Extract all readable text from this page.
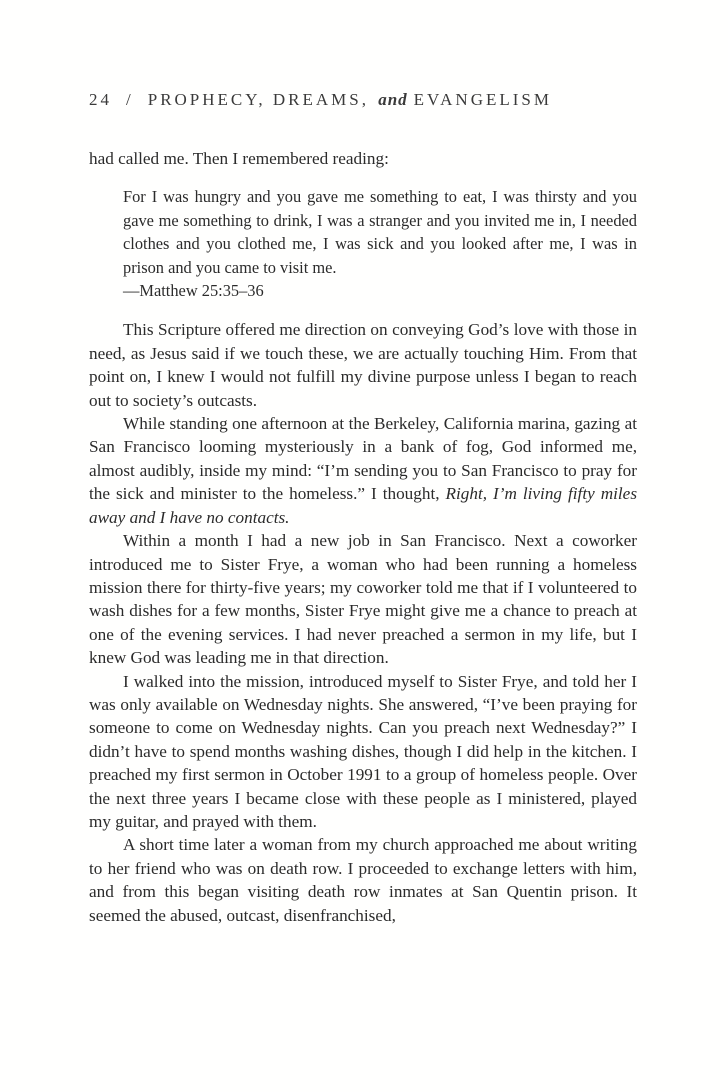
24 / PROPHECY, DREAMS, and EVANGELISM

had called me. Then I remembered reading:

For I was hungry and you gave me something to eat, I was thirsty and you gave me something to drink, I was a stranger and you invited me in, I needed clothes and you clothed me, I was sick and you looked after me, I was in prison and you came to visit me.
—Matthew 25:35–36

This Scripture offered me direction on conveying God’s love with those in need, as Jesus said if we touch these, we are actually touching Him. From that point on, I knew I would not fulfill my divine purpose unless I began to reach out to society’s outcasts.

While standing one afternoon at the Berkeley, California marina, gazing at San Francisco looming mysteriously in a bank of fog, God informed me, almost audibly, inside my mind: “I’m sending you to San Francisco to pray for the sick and minister to the homeless.” I thought, Right, I’m living fifty miles away and I have no contacts.

Within a month I had a new job in San Francisco. Next a coworker introduced me to Sister Frye, a woman who had been running a homeless mission there for thirty-five years; my coworker told me that if I volunteered to wash dishes for a few months, Sister Frye might give me a chance to preach at one of the evening services. I had never preached a sermon in my life, but I knew God was leading me in that direction.

I walked into the mission, introduced myself to Sister Frye, and told her I was only available on Wednesday nights. She answered, “I’ve been praying for someone to come on Wednesday nights. Can you preach next Wednesday?” I didn’t have to spend months washing dishes, though I did help in the kitchen. I preached my first sermon in October 1991 to a group of homeless people. Over the next three years I became close with these people as I ministered, played my guitar, and prayed with them.

A short time later a woman from my church approached me about writing to her friend who was on death row. I proceeded to exchange letters with him, and from this began visiting death row inmates at San Quentin prison. It seemed the abused, outcast, disenfranchised,
